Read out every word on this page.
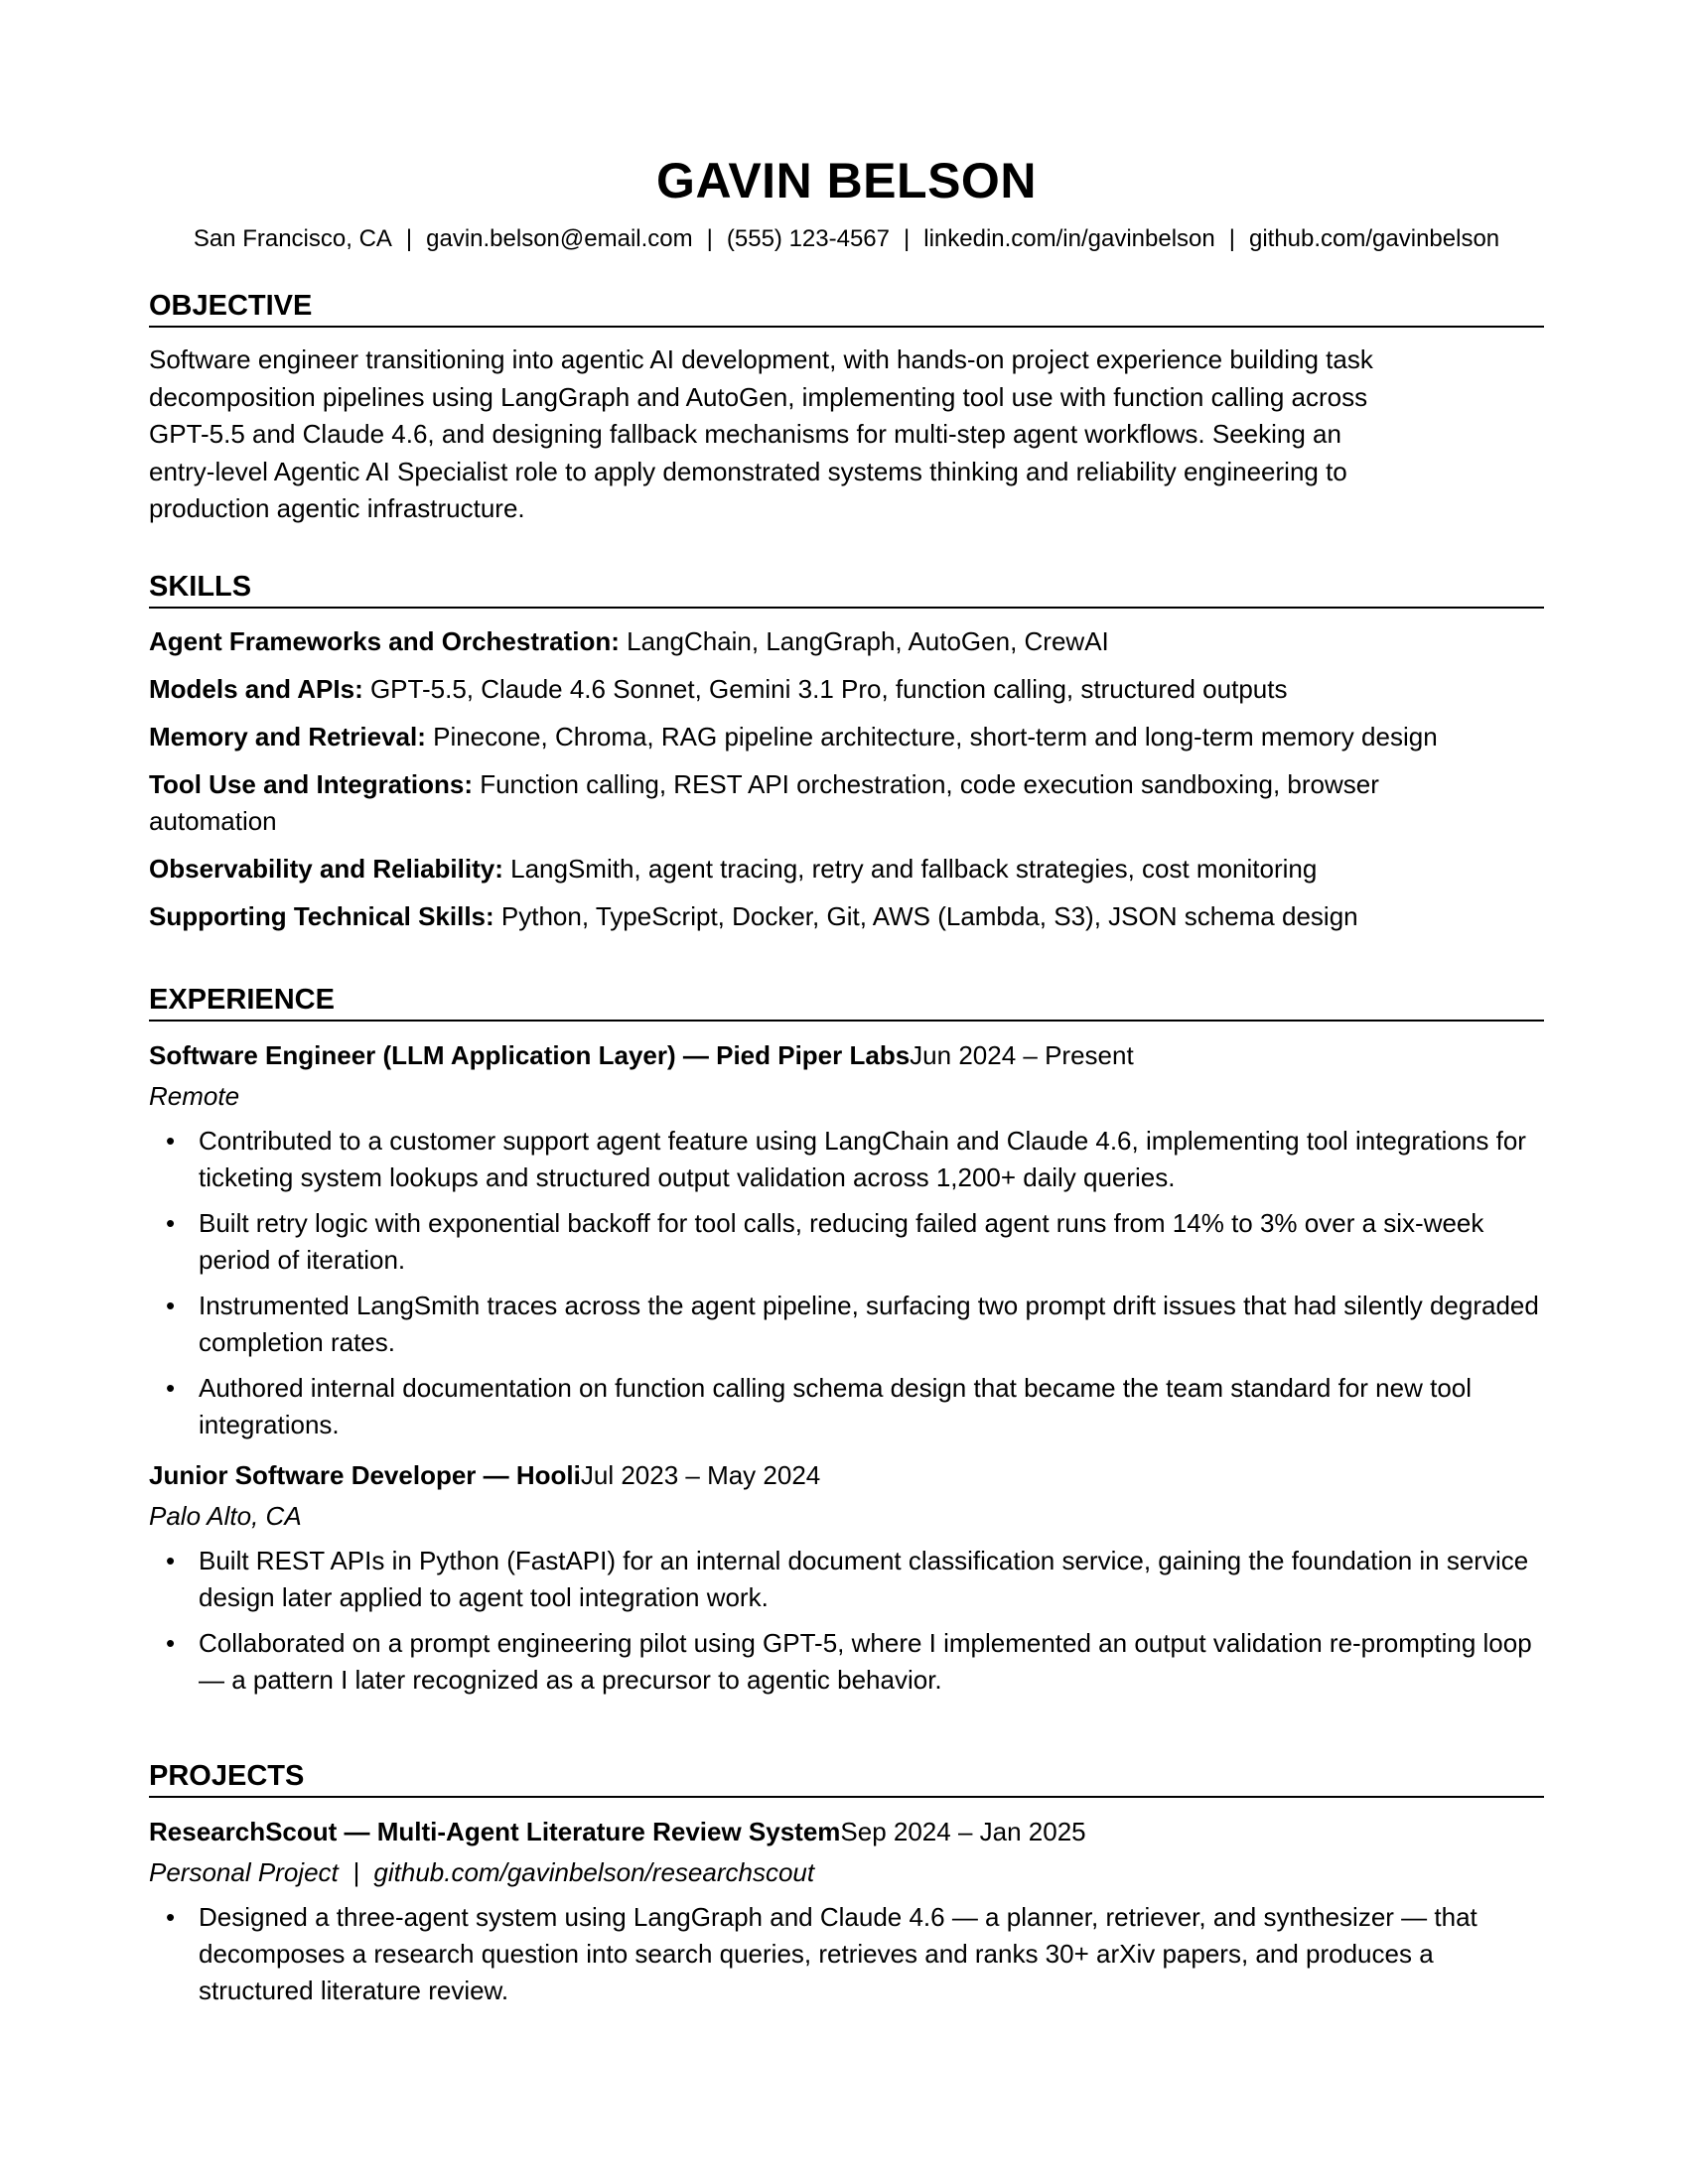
GAVIN BELSON
San Francisco, CA | gavin.belson@email.com | (555) 123-4567 | linkedin.com/in/gavinbelson | github.com/gavinbelson
OBJECTIVE
Software engineer transitioning into agentic AI development, with hands-on project experience building task
decomposition pipelines using LangGraph and AutoGen, implementing tool use with function calling across
GPT-5.5 and Claude 4.6, and designing fallback mechanisms for multi-step agent workflows. Seeking an
entry-level Agentic AI Specialist role to apply demonstrated systems thinking and reliability engineering to
production agentic infrastructure.
SKILLS

Agent Frameworks and Orchestration: LangChain, LangGraph, AutoGen, CrewAI

Models and APIs: GPT-5.5, Claude 4.6 Sonnet, Gemini 3.1 Pro, function calling, structured outputs

Memory and Retrieval: Pinecone, Chroma, RAG pipeline architecture, short-term and long-term memory design

Tool Use and Integrations: Function calling, REST API orchestration, code execution sandboxing, browser automation

Observability and Reliability: LangSmith, agent tracing, retry and fallback strategies, cost monitoring

Supporting Technical Skills: Python, TypeScript, Docker, Git, AWS (Lambda, S3), JSON schema design

EXPERIENCE

Software Engineer (LLM Application Layer) — Pied Piper LabsJun 2024 – Present

Remote

• Contributed to a customer support agent feature using LangChain and Claude 4.6, implementing tool integrations for ticketing system lookups and structured output validation across 1,200+ daily queries.
• Built retry logic with exponential backoff for tool calls, reducing failed agent runs from 14% to 3% over a six-week period of iteration.
• Instrumented LangSmith traces across the agent pipeline, surfacing two prompt drift issues that had silently degraded completion rates.
• Authored internal documentation on function calling schema design that became the team standard for new tool integrations.

Junior Software Developer — HooliJul 2023 – May 2024

Palo Alto, CA

• Built REST APIs in Python (FastAPI) for an internal document classification service, gaining the foundation in service design later applied to agent tool integration work.
• Collaborated on a prompt engineering pilot using GPT-5, where I implemented an output validation re-prompting loop — a pattern I later recognized as a precursor to agentic behavior.
PROJECTS

ResearchScout — Multi-Agent Literature Review SystemSep 2024 – Jan 2025

Personal Project  |  github.com/gavinbelson/researchscout

• Designed a three-agent system using LangGraph and Claude 4.6 — a planner, retriever, and synthesizer — that decomposes a research question into search queries, retrieves and ranks 30+ arXiv papers, and produces a structured literature review.
